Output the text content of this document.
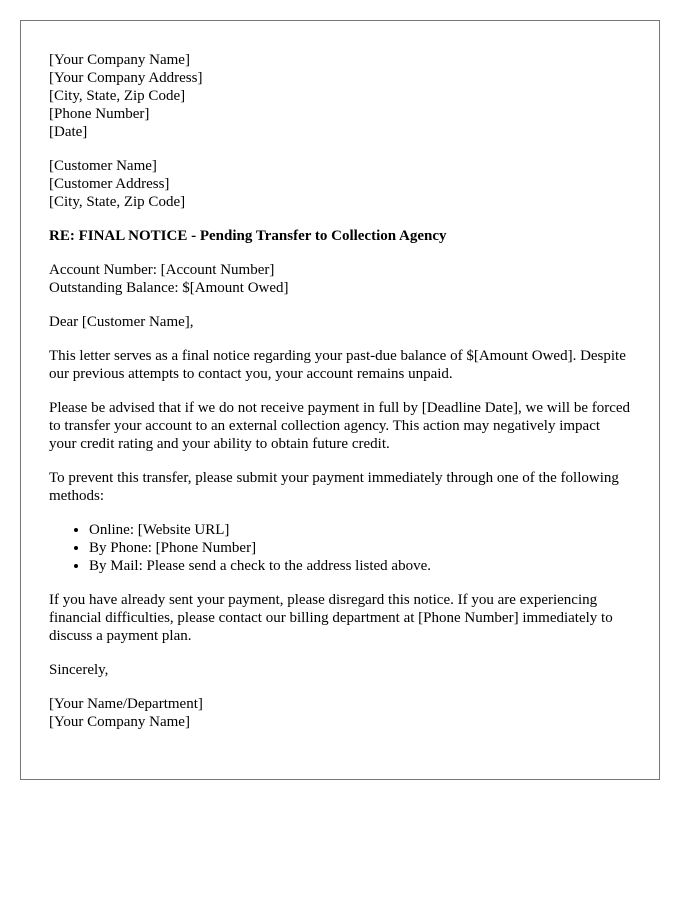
[Your Company Name]
[Your Company Address]
[City, State, Zip Code]
[Phone Number]
[Date]
[Customer Name]
[Customer Address]
[City, State, Zip Code]

RE: FINAL NOTICE - Pending Transfer to Collection Agency

Account Number: [Account Number]
Outstanding Balance: $[Amount Owed]

Dear [Customer Name],

This letter serves as a final notice regarding your past-due balance of $[Amount Owed]. Despite our previous attempts to contact you, your account remains unpaid.

Please be advised that if we do not receive payment in full by [Deadline Date], we will be forced to transfer your account to an external collection agency. This action may negatively impact your credit rating and your ability to obtain future credit.

To prevent this transfer, please submit your payment immediately through one of the following methods:

• Online: [Website URL]
• By Phone: [Phone Number]
• By Mail: Please send a check to the address listed above.

If you have already sent your payment, please disregard this notice. If you are experiencing financial difficulties, please contact our billing department at [Phone Number] immediately to discuss a payment plan.

Sincerely,

[Your Name/Department]
[Your Company Name]
